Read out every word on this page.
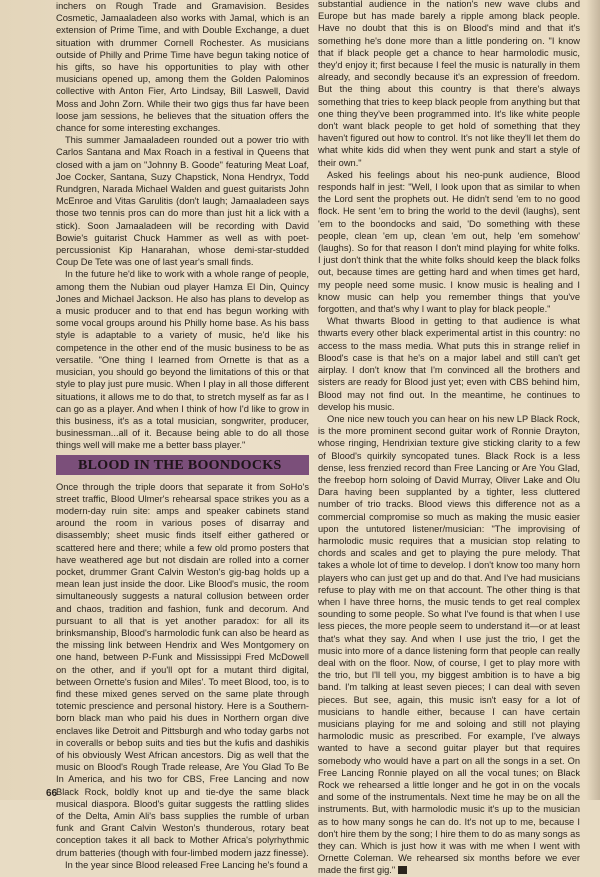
inchers on Rough Trade and Gramavision. Besides Cosmetic, Jamaaladeen also works with Jamal, which is an extension of Prime Time, and with Double Exchange, a duet situation with drummer Cornell Rochester. As musicians outside of Philly and Prime Time have begun taking notice of his gifts, so have his opportunities to play with other musicians opened up, among them the Golden Palominos collective with Anton Fier, Arto Lindsay, Bill Laswell, David Moss and John Zorn. While their two gigs thus far have been loose jam sessions, he believes that the situation offers the chance for some interesting exchanges.

This summer Jamaaladeen rounded out a power trio with Carlos Santana and Max Roach in a festival in Queens that closed with a jam on "Johnny B. Goode" featuring Meat Loaf, Joe Cocker, Santana, Suzy Chapstick, Nona Hendryx, Todd Rundgren, Narada Michael Walden and guest guitarists John McEnroe and Vitas Garulitis (don't laugh; Jamaaladeen says those two tennis pros can do more than just hit a lick with a stick). Soon Jamaaladeen will be recording with David Bowie's guitarist Chuck Hammer as well as with poet-percussionist Kip Hanarahan, whose demi-star-studded Coup De Tete was one of last year's small finds.

In the future he'd like to work with a whole range of people, among them the Nubian oud player Hamza El Din, Quincy Jones and Michael Jackson. He also has plans to develop as a music producer and to that end has begun working with some vocal groups around his Philly home base. As his bass style is adaptable to a variety of music, he'd like his competence in the other end of the music business to be as versatile. "One thing I learned from Ornette is that as a musician, you should go beyond the limitations of this or that style to play just pure music. When I play in all those different situations, it allows me to do that, to stretch myself as far as I can go as a player. And when I think of how I'd like to grow in this business, it's as a total musician, songwriter, producer, businessman...all of it. Because being able to do all those things well will make me a better bass player."

BLOOD IN THE BOONDOCKS

Once through the triple doors that separate it from SoHo's street traffic, Blood Ulmer's rehearsal space strikes you as a modern-day ruin site: amps and speaker cabinets stand around the room in various poses of disarray and disassembly; sheet music finds itself either gathered or scattered here and there; while a few old promo posters that have weathered age but not disdain are rolled into a corner pocket, drummer Grant Calvin Weston's gig-bag holds up a mean lean just inside the door. Like Blood's music, the room simultaneously suggests a natural collusion between order and chaos, tradition and fashion, funk and decorum. And pursuant to all that is yet another paradox: for all its brinksmanship, Blood's harmolodic funk can also be heard as the missing link between Hendrix and Wes Montgomery on one hand, between P-Funk and Mississippi Fred McDowell on the other, and if you'll opt for a mutant third digital, between Ornette's fusion and Miles'. To meet Blood, too, is to find these mixed genes served on the same plate through totemic prescience and personal history. Here is a Southern-born black man who paid his dues in Northern organ dive enclaves like Detroit and Pittsburgh and who today garbs not in coveralls or bebop suits and ties but the kufis and dashikis of his obviously West African ancestors. Dig as well that the music on Blood's Rough Trade release, Are You Glad To Be In America, and his two for CBS, Free Lancing and now Black Rock, boldly knot up and tie-dye the same black musical diaspora. Blood's guitar suggests the rattling slides of the Delta, Amin Ali's bass supplies the rumble of urban funk and Grant Calvin Weston's thunderous, rotary beat conception takes it all back to Mother Africa's polyrhythmic drum batteries (though with four-limbed modern jazz finesse).

In the year since Blood released Free Lancing he's found a

substantial audience in the nation's new wave clubs and Europe but has made barely a ripple among black people. Have no doubt that this is on Blood's mind and that it's something he's done more than a little pondering on. "I know that if black people get a chance to hear harmolodic music, they'd enjoy it; first because I feel the music is naturally in them already, and secondly because it's an expression of freedom. But the thing about this country is that there's always something that tries to keep black people from anything but that one thing they've been programmed into. It's like white people don't want black people to get hold of something that they haven't figured out how to control. It's not like they'll let them do what white kids did when they went punk and start a style of their own."

Asked his feelings about his neo-punk audience, Blood responds half in jest: "Well, I look upon that as similar to when the Lord sent the prophets out. He didn't send 'em to no good flock. He sent 'em to bring the world to the devil (laughs), sent 'em to the boondocks and said, 'Do something with these people, clean 'em up, clean 'em out, help 'em somehow' (laughs). So for that reason I don't mind playing for white folks. I just don't think that the white folks should keep the black folks out, because times are getting hard and when times get hard, my people need some music. I know music is healing and I know music can help you remember things that you've forgotten, and that's why I want to play for black people."

What thwarts Blood in getting to that audience is what thwarts every other black experimental artist in this country: no access to the mass media. What puts this in strange relief in Blood's case is that he's on a major label and still can't get airplay. I don't know that I'm convinced all the brothers and sisters are ready for Blood just yet; even with CBS behind him, Blood may not find out. In the meantime, he continues to develop his music.

One nice new touch you can hear on his new LP Black Rock, is the more prominent second guitar work of Ronnie Drayton, whose ringing, Hendrixian texture give sticking clarity to a few of Blood's quirkily syncopated tunes. Black Rock is a less dense, less frenzied record than Free Lancing or Are You Glad, the freebop horn soloing of David Murray, Oliver Lake and Olu Dara having been supplanted by a tighter, less cluttered number of trio tracks. Blood views this difference not as a commercial compromise so much as making the music easier upon the untutored listener/musician: "The improvising of harmolodic music requires that a musician stop relating to chords and scales and get to playing the pure melody. That takes a whole lot of time to develop. I don't know too many horn players who can just get up and do that. And I've had musicians refuse to play with me on that account. The other thing is that when I have three horns, the music tends to get real complex sounding to some people. So what I've found is that when I use less pieces, the more people seem to understand it—or at least that's what they say. And when I use just the trio, I get the music into more of a dance listening form that people can really deal with on the floor. Now, of course, I get to play more with the trio, but I'll tell you, my biggest ambition is to have a big band. I'm talking at least seven pieces; I can deal with seven pieces. But see, again, this music isn't easy for a lot of musicians to handle either, because I can have certain musicians playing for me and soloing and still not playing harmolodic music as prescribed. For example, I've always wanted to have a second guitar player but that requires somebody who would have a part on all the songs in a set. On Free Lancing Ronnie played on all the vocal tunes; on Black Rock we rehearsed a little longer and he got in on the vocals and some of the instrumentals. Next time he may be on all the instruments. But, with harmolodic music it's up to the musician as to how many songs he can do. It's not up to me, because I don't hire them by the song; I hire them to do as many songs as they can. Which is just how it was with me when I went with Ornette Coleman. We rehearsed six months before we ever made the first gig."

66
